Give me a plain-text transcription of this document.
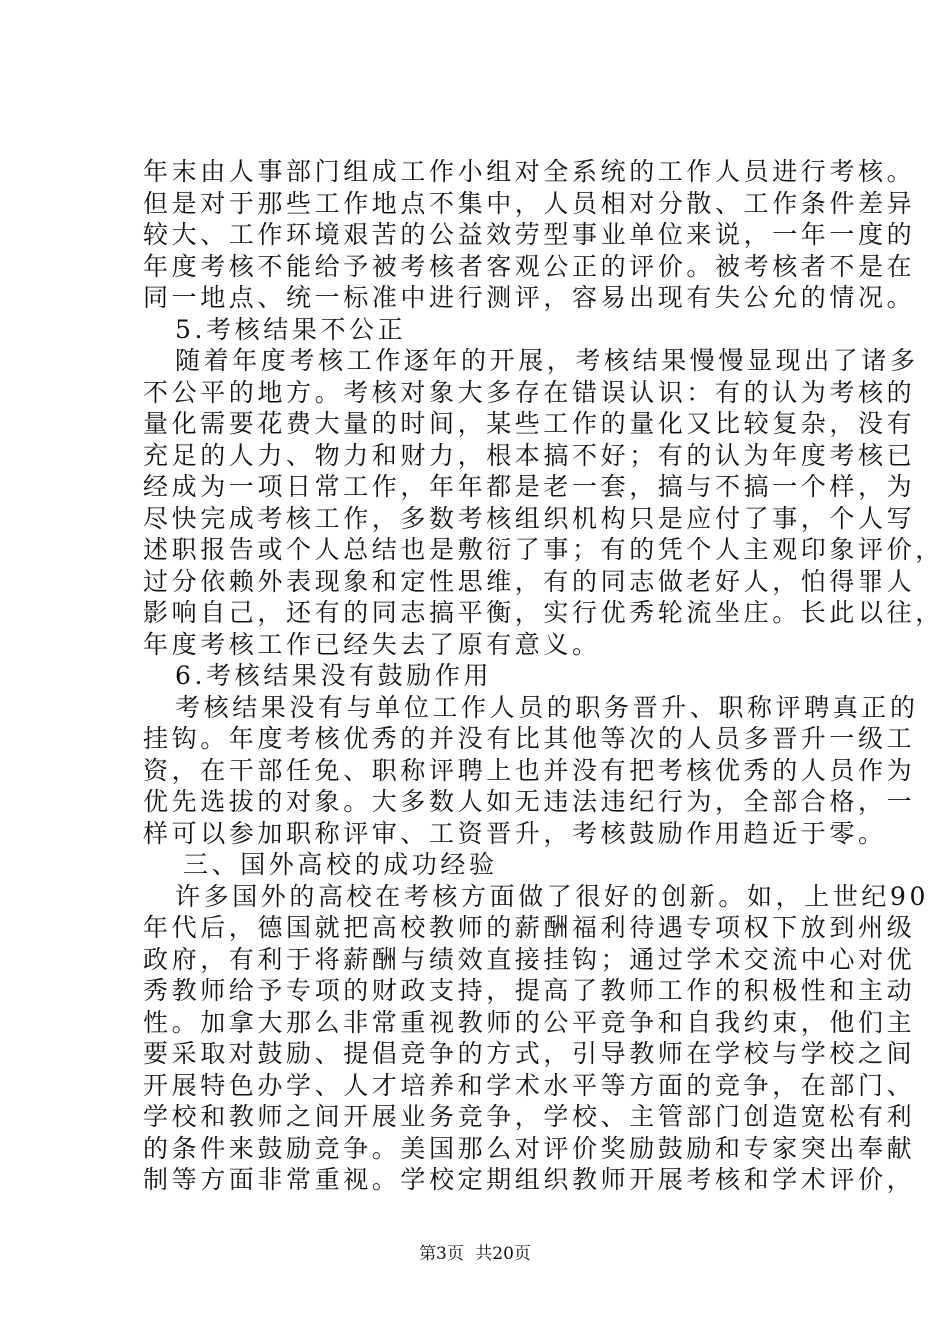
年末由人事部门组成工作小组对全系统的工作人员进行考核。
但是对于那些工作地点不集中，人员相对分散、工作条件差异
较大、工作环境艰苦的公益效劳型事业单位来说，一年一度的
年度考核不能给予被考核者客观公正的评价。被考核者不是在
同一地点、统一标准中进行测评，容易出现有失公允的情况。
5.考核结果不公正
随着年度考核工作逐年的开展，考核结果慢慢显现出了诸多
不公平的地方。考核对象大多存在错误认识：有的认为考核的
量化需要花费大量的时间，某些工作的量化又比较复杂，没有
充足的人力、物力和财力，根本搞不好；有的认为年度考核已
经成为一项日常工作，年年都是老一套，搞与不搞一个样，为
尽快完成考核工作，多数考核组织机构只是应付了事，个人写
述职报告或个人总结也是敷衍了事；有的凭个人主观印象评价，
过分依赖外表现象和定性思维，有的同志做老好人，怕得罪人
影响自己，还有的同志搞平衡，实行优秀轮流坐庄。长此以往，
年度考核工作已经失去了原有意义。
6.考核结果没有鼓励作用
考核结果没有与单位工作人员的职务晋升、职称评聘真正的
挂钩。年度考核优秀的并没有比其他等次的人员多晋升一级工
资，在干部任免、职称评聘上也并没有把考核优秀的人员作为
优先选拔的对象。大多数人如无违法违纪行为，全部合格，一
样可以参加职称评审、工资晋升，考核鼓励作用趋近于零。
三、国外高校的成功经验
许多国外的高校在考核方面做了很好的创新。如，上世纪90
年代后，德国就把高校教师的薪酬福利待遇专项权下放到州级
政府，有利于将薪酬与绩效直接挂钩；通过学术交流中心对优
秀教师给予专项的财政支持，提高了教师工作的积极性和主动
性。加拿大那么非常重视教师的公平竞争和自我约束，他们主
要采取对鼓励、提倡竞争的方式，引导教师在学校与学校之间
开展特色办学、人才培养和学术水平等方面的竞争，在部门、
学校和教师之间开展业务竞争，学校、主管部门创造宽松有利
的条件来鼓励竞争。美国那么对评价奖励鼓励和专家突出奉献
制等方面非常重视。学校定期组织教师开展考核和学术评价，
第3页 共20页
